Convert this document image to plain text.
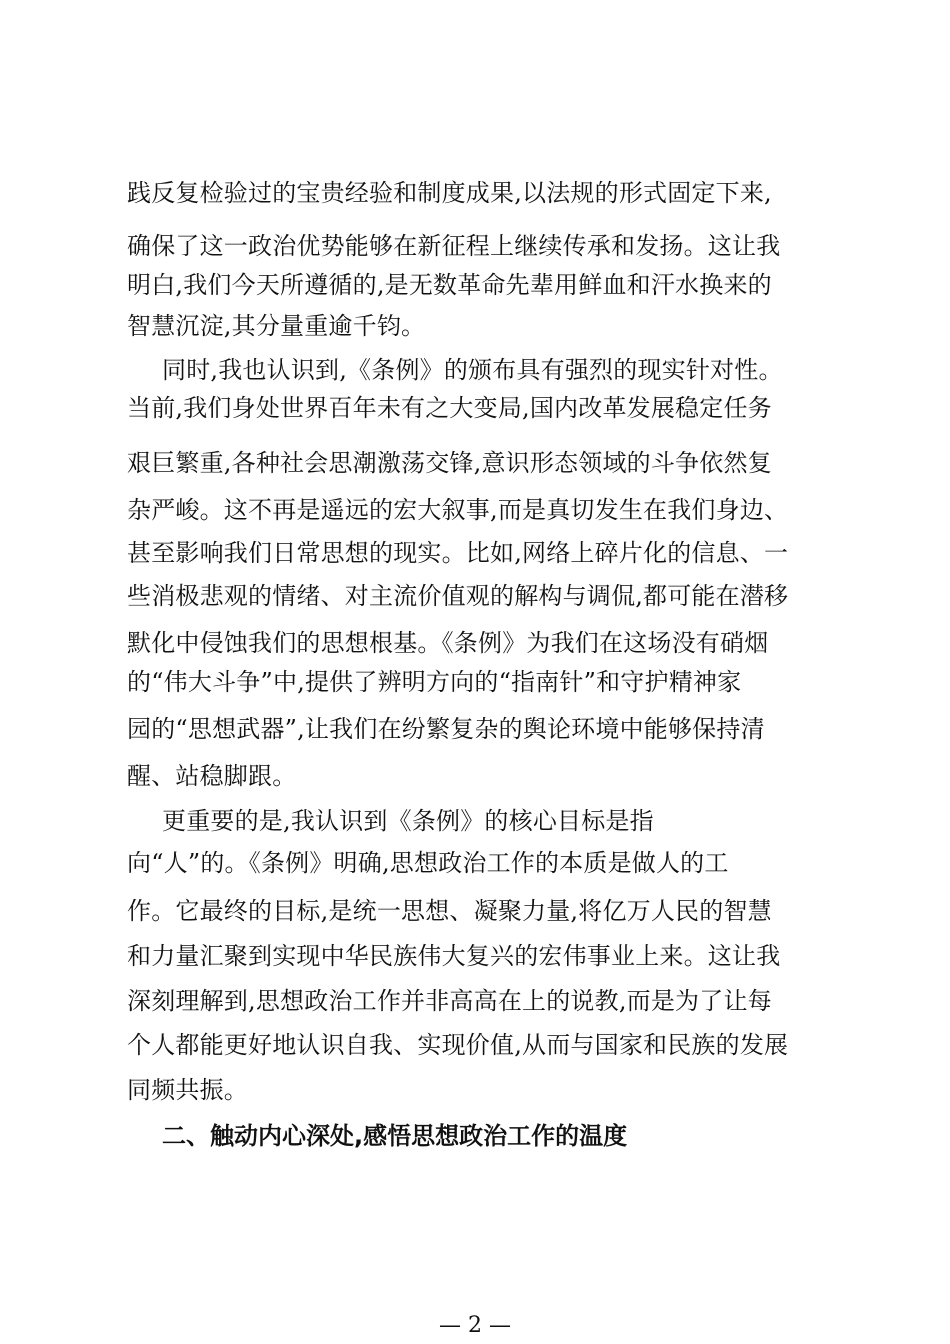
践反复检验过的宝贵经验和制度成果,以法规的形式固定下来,
确保了这一政治优势能够在新征程上继续传承和发扬。这让我
明白,我们今天所遵循的,是无数革命先辈用鲜血和汗水换来的
智慧沉淀,其分量重逾千钧。
同时,我也认识到,《条例》的颁布具有强烈的现实针对性。
当前,我们身处世界百年未有之大变局,国内改革发展稳定任务
艰巨繁重,各种社会思潮激荡交锋,意识形态领域的斗争依然复
杂严峻。这不再是遥远的宏大叙事,而是真切发生在我们身边、
甚至影响我们日常思想的现实。比如,网络上碎片化的信息、一
些消极悲观的情绪、对主流价值观的解构与调侃,都可能在潜移
默化中侵蚀我们的思想根基。《条例》为我们在这场没有硝烟
的“伟大斗争”中,提供了辨明方向的“指南针”和守护精神家
园的“思想武器”,让我们在纷繁复杂的舆论环境中能够保持清
醒、站稳脚跟。
更重要的是,我认识到《条例》的核心目标是指
向“人”的。《条例》明确,思想政治工作的本质是做人的工
作。它最终的目标,是统一思想、凝聚力量,将亿万人民的智慧
和力量汇聚到实现中华民族伟大复兴的宏伟事业上来。这让我
深刻理解到,思想政治工作并非高高在上的说教,而是为了让每
个人都能更好地认识自我、实现价值,从而与国家和民族的发展
同频共振。
二、触动内心深处,感悟思想政治工作的温度
— 2 —
